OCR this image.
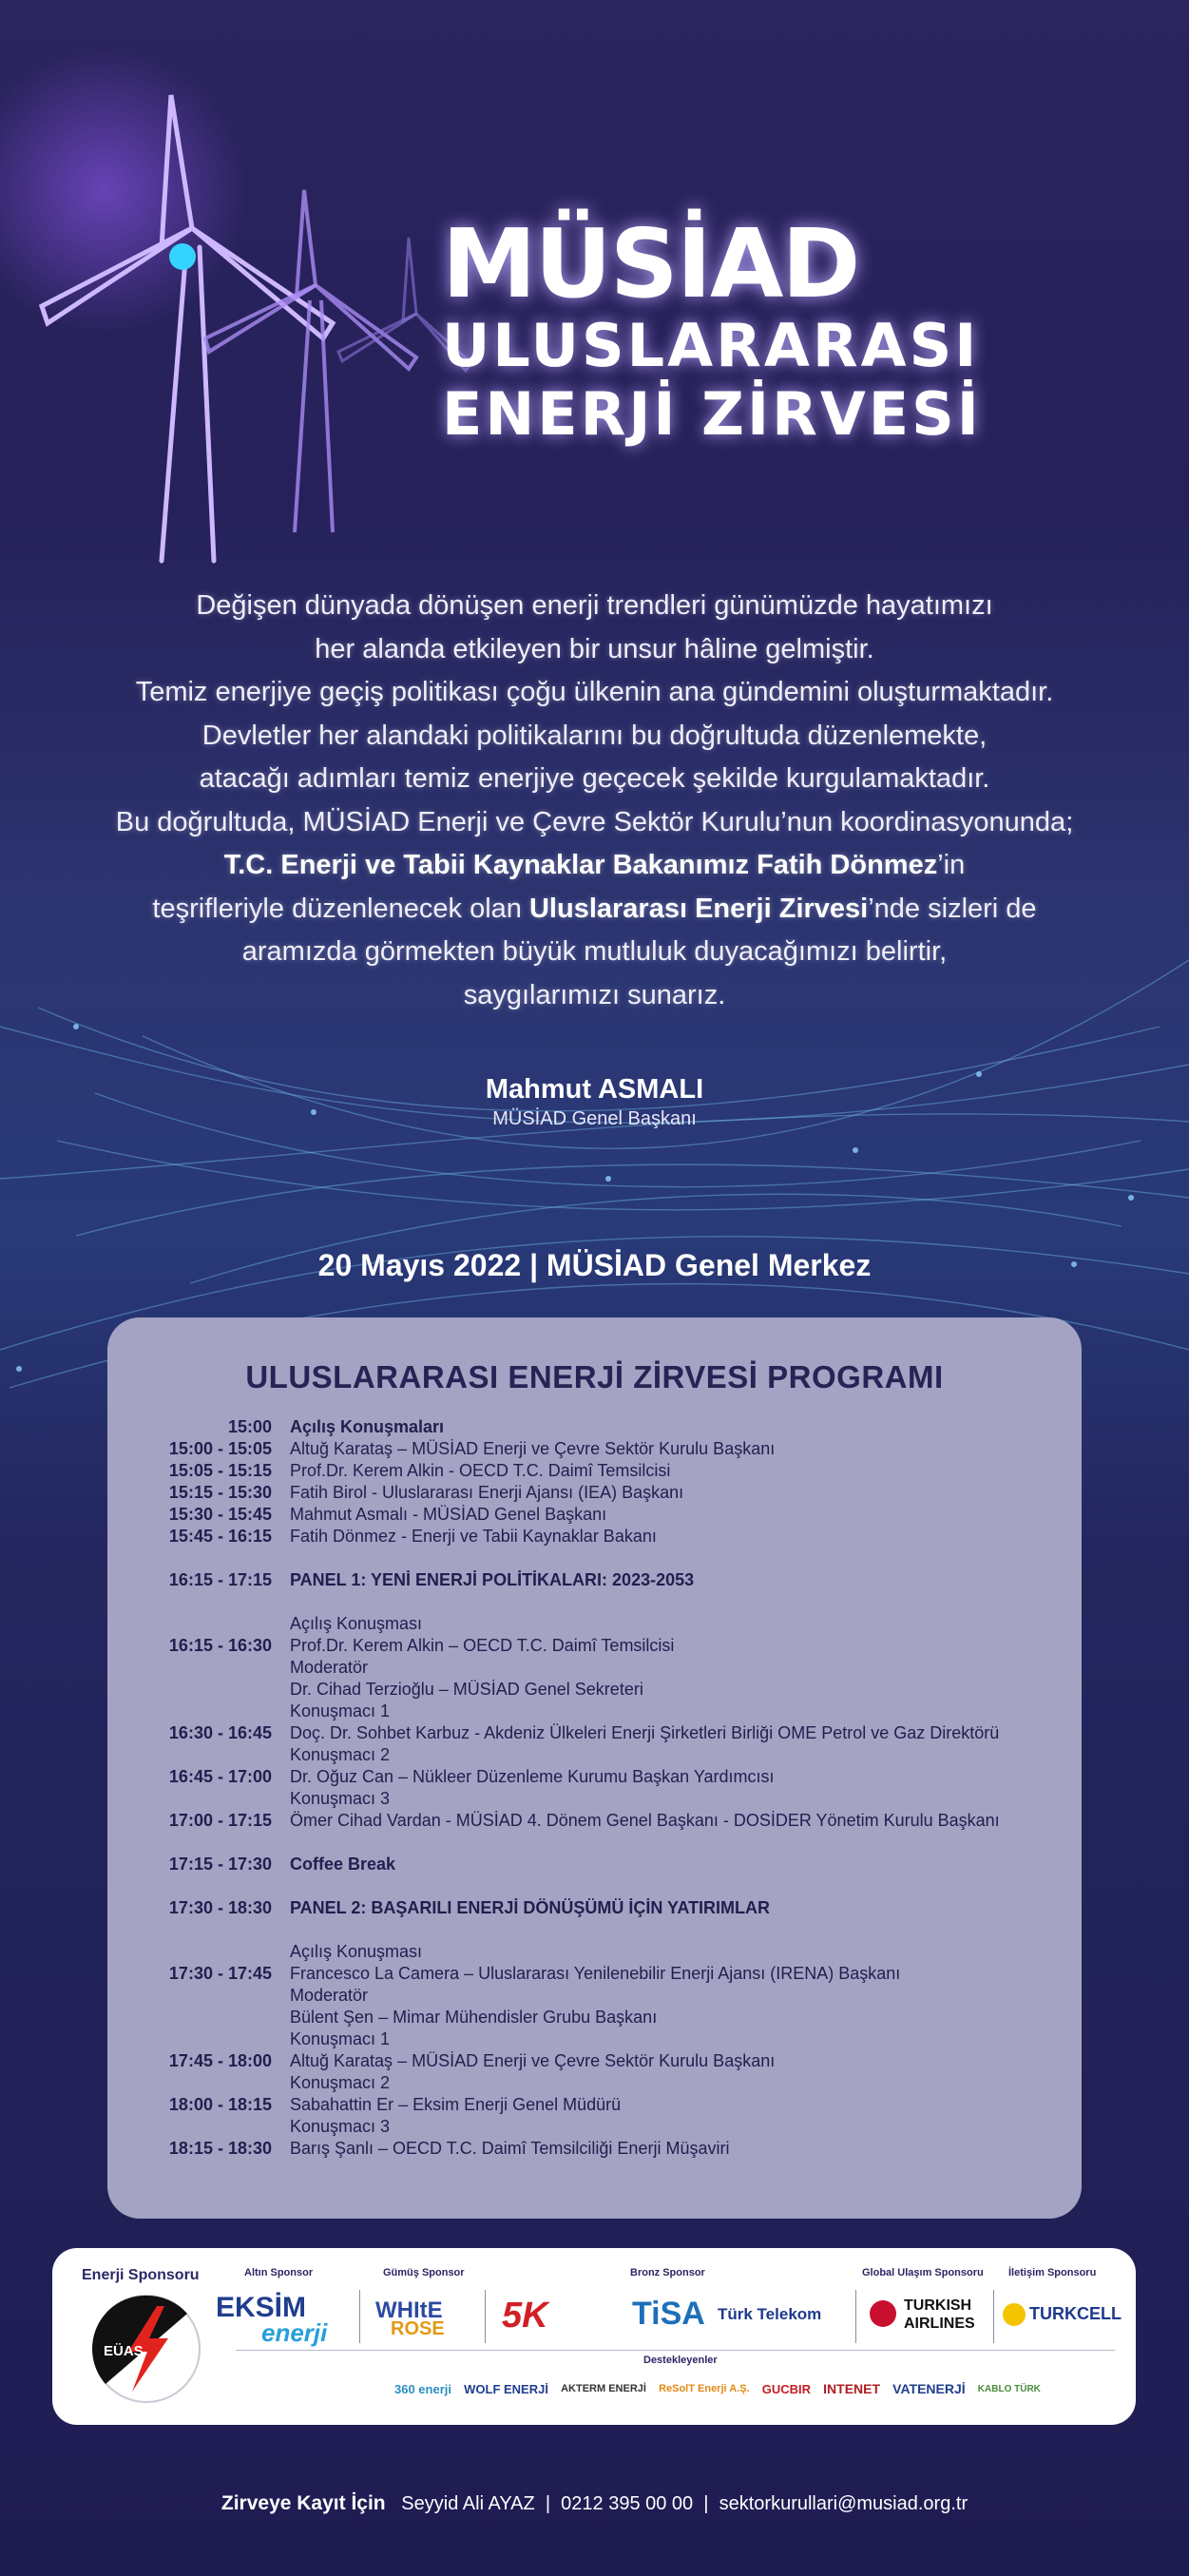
MÜSİAD
ULUSLARARASI
ENERJİ ZİRVESİ

Değişen dünyada dönüşen enerji trendleri günümüzde hayatımızı

her alanda etkileyen bir unsur hâline gelmiştir.

Temiz enerjiye geçiş politikası çoğu ülkenin ana gündemini oluşturmaktadır.

Devletler her alandaki politikalarını bu doğrultuda düzenlemekte,

atacağı adımları temiz enerjiye geçecek şekilde kurgulamaktadır.

Bu doğrultuda, MÜSİAD Enerji ve Çevre Sektör Kurulu’nun koordinasyonunda;

T.C. Enerji ve Tabii Kaynaklar Bakanımız Fatih Dönmez’in

teşrifleriyle düzenlenecek olan Uluslararası Enerji Zirvesi’nde sizleri de

aramızda görmekten büyük mutluluk duyacağımızı belirtir,

saygılarımızı sunarız.

Mahmut ASMALI
MÜSİAD Genel Başkanı
20 Mayıs 2022 | MÜSİAD Genel Merkez
ULUSLARARASI ENERJİ ZİRVESİ PROGRAMI
15:00	Açılış Konuşmaları
15:00 - 15:05	Altuğ Karataş – MÜSİAD Enerji ve Çevre Sektör Kurulu Başkanı
15:05 - 15:15	Prof.Dr. Kerem Alkin - OECD T.C. Daimî Temsilcisi
15:15 - 15:30	Fatih Birol - Uluslararası Enerji Ajansı (IEA) Başkanı
15:30 - 15:45	Mahmut Asmalı - MÜSİAD Genel Başkanı
15:45 - 16:15	Fatih Dönmez - Enerji ve Tabii Kaynaklar Bakanı
16:15 - 17:15	PANEL 1: YENİ ENERJİ POLİTİKALARI: 2023-2053
Açılış Konuşması
16:15 - 16:30	Prof.Dr. Kerem Alkin – OECD T.C. Daimî Temsilcisi
Moderatör
Dr. Cihad Terzioğlu – MÜSİAD Genel Sekreteri
Konuşmacı 1
16:30 - 16:45	Doç. Dr. Sohbet Karbuz - Akdeniz Ülkeleri Enerji Şirketleri Birliği OME Petrol ve Gaz Direktörü
Konuşmacı 2
16:45 - 17:00	Dr. Oğuz Can – Nükleer Düzenleme Kurumu Başkan Yardımcısı
Konuşmacı 3
17:00 - 17:15	Ömer Cihad Vardan - MÜSİAD 4. Dönem Genel Başkanı - DOSİDER Yönetim Kurulu Başkanı
17:15 - 17:30	Coffee Break
17:30 - 18:30	PANEL 2: BAŞARILI ENERJİ DÖNÜŞÜMÜ İÇİN YATIRIMLAR
Açılış Konuşması
17:30 - 17:45	Francesco La Camera – Uluslararası Yenilenebilir Enerji Ajansı (IRENA) Başkanı
Moderatör
Bülent Şen – Mimar Mühendisler Grubu Başkanı
Konuşmacı 1
17:45 - 18:00	Altuğ Karataş – MÜSİAD Enerji ve Çevre Sektör Kurulu Başkanı
Konuşmacı 2
18:00 - 18:15	Sabahattin Er – Eksim Enerji Genel Müdürü
Konuşmacı 3
18:15 - 18:30	Barış Şanlı – OECD T.C. Daimî Temsilciliği Enerji Müşaviri
Enerji Sponsoru
EÜAŞ
Altın Sponsor
EKSİM
enerji
Gümüş Sponsor
WHItE
ROSE
Bronz Sponsor
5K	TiSA Türk Telekom
Global Ulaşım Sponsoru
TURKISH
AIRLINES
İletişim Sponsoru
TURKCELL
Destekleyenler
360 enerji WOLF ENERJİ AKTERM ENERJİ ReSolT Enerji A.Ş. GUCBIR INTENET VATENERJİ KABLO TÜRK
Zirveye Kayıt İçin Seyyid Ali AYAZ  |  0212 395 00 00  |  sektorkurullari@musiad.org.tr
